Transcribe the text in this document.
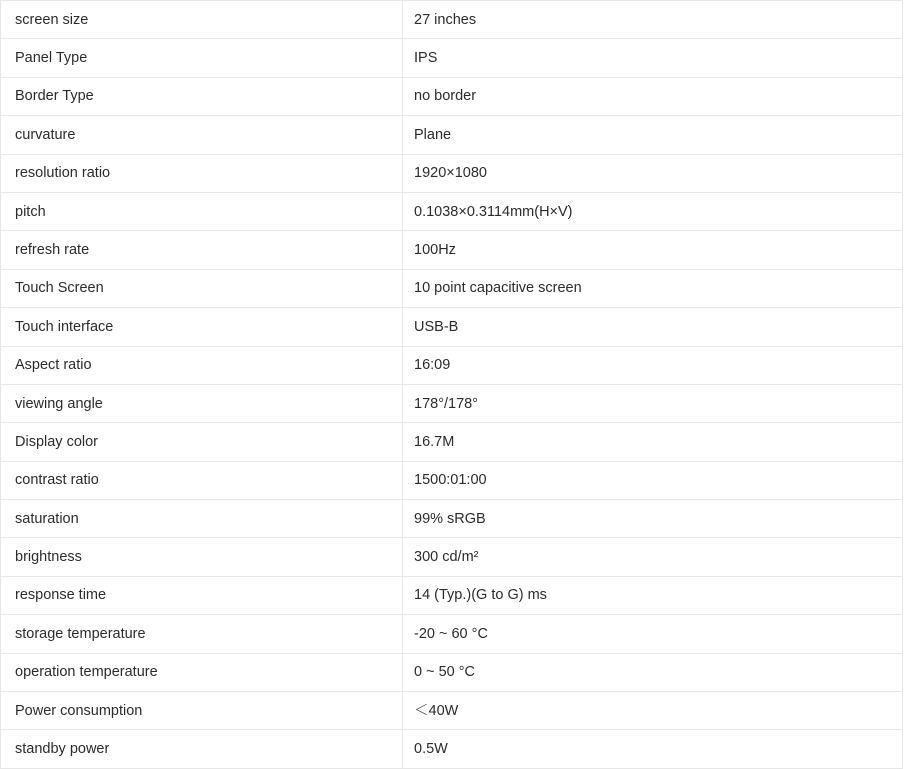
screen size	27 inches
Panel Type	IPS
Border Type	no border
curvature	Plane
resolution ratio	1920×1080
pitch	0.1038×0.3114mm(H×V)
refresh rate	100Hz
Touch Screen	10 point capacitive screen
Touch interface	USB-B
Aspect ratio	16:09
viewing angle	178°/178°
Display color	16.7M
contrast ratio	1500:01:00
saturation	99% sRGB
brightness	300 cd/m²
response time	14 (Typ.)(G to G) ms
storage temperature	-20 ~ 60 °C
operation temperature	0 ~ 50 °C
Power consumption	＜40W
standby power	0.5W
